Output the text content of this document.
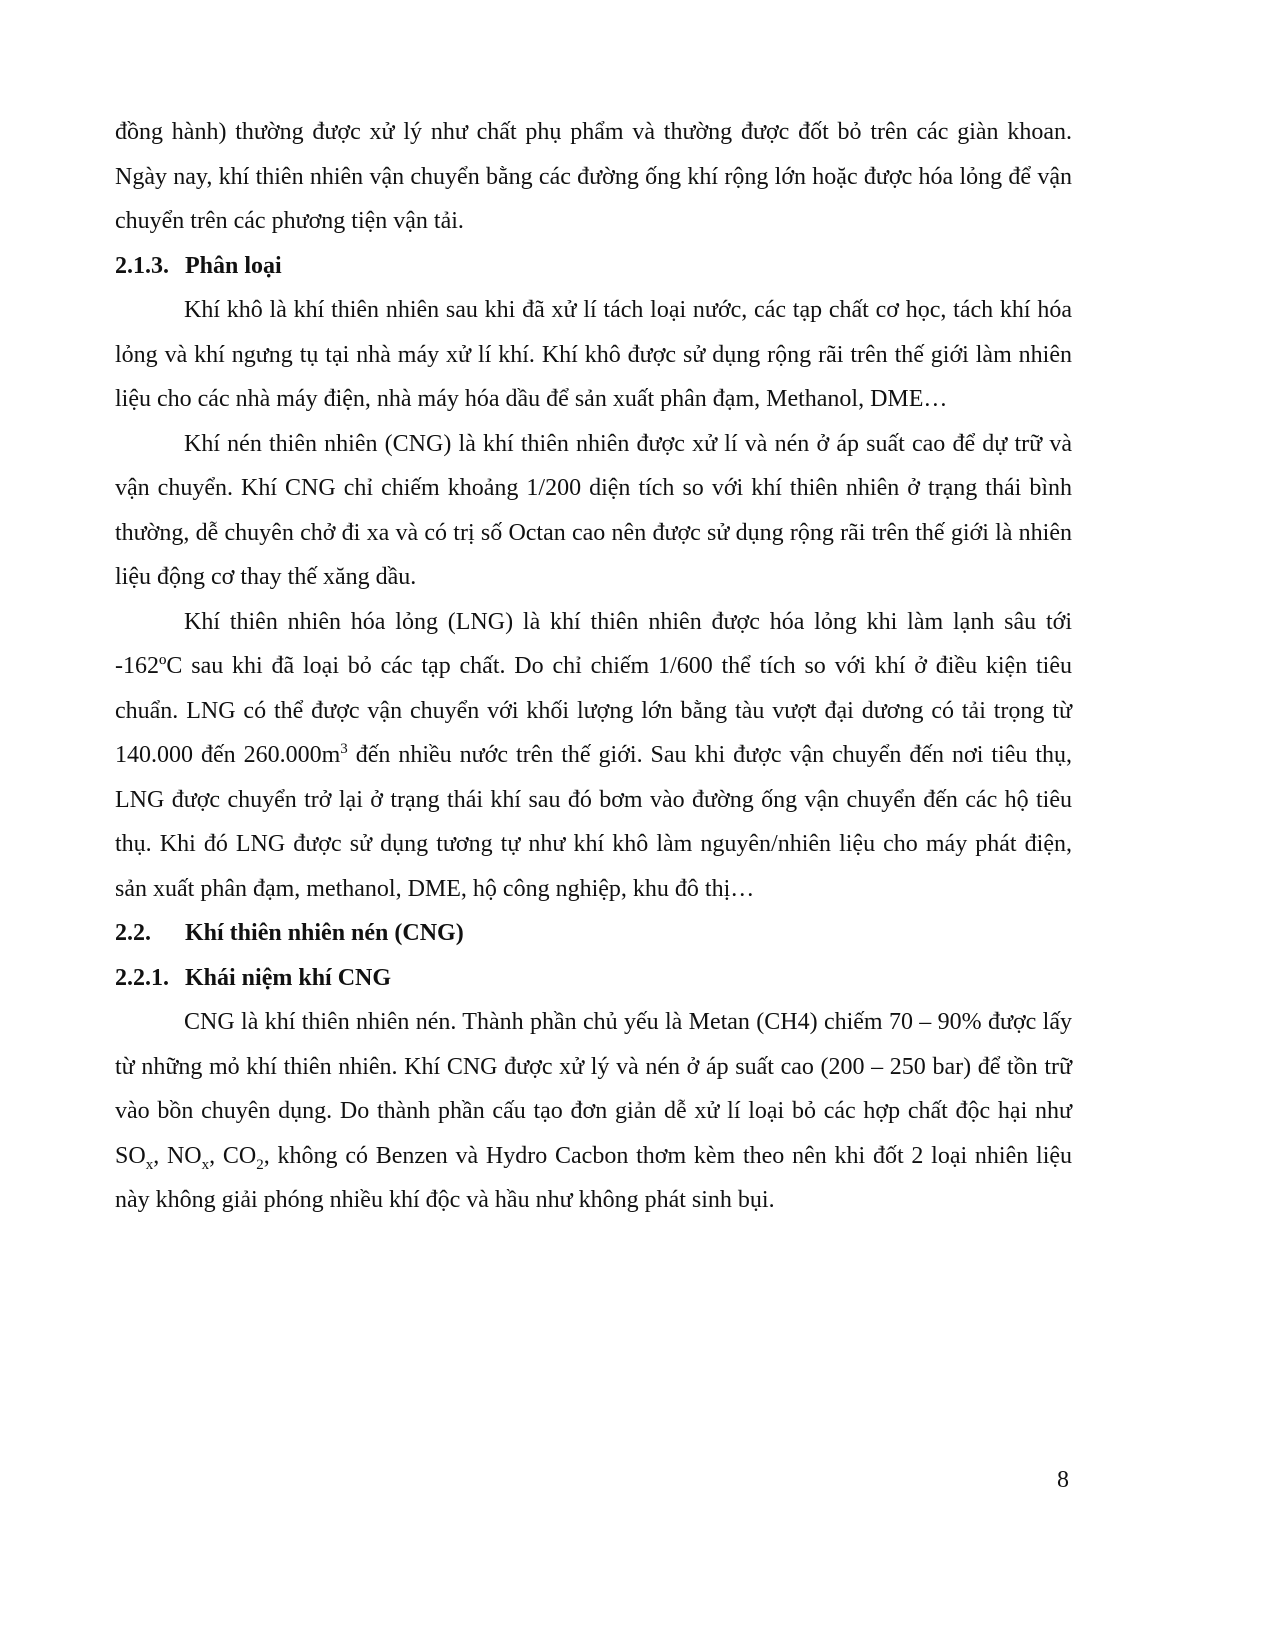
đồng hành) thường được xử lý như chất phụ phẩm và thường được đốt bỏ trên các giàn khoan. Ngày nay, khí thiên nhiên vận chuyển bằng các đường ống khí rộng lớn hoặc được hóa lỏng để vận chuyển trên các phương tiện vận tải.

2.1.3. Phân loại

Khí khô là khí thiên nhiên sau khi đã xử lí tách loại nước, các tạp chất cơ học, tách khí hóa lỏng và khí ngưng tụ tại nhà máy xử lí khí. Khí khô được sử dụng rộng rãi trên thế giới làm nhiên liệu cho các nhà máy điện, nhà máy hóa dầu để sản xuất phân đạm, Methanol, DME…

Khí nén thiên nhiên (CNG) là khí thiên nhiên được xử lí và nén ở áp suất cao để dự trữ và vận chuyển. Khí CNG chỉ chiếm khoảng 1/200 diện tích so với khí thiên nhiên ở trạng thái bình thường, dễ chuyên chở đi xa và có trị số Octan cao nên được sử dụng rộng rãi trên thế giới là nhiên liệu động cơ thay thế xăng dầu.

Khí thiên nhiên hóa lỏng (LNG) là khí thiên nhiên được hóa lỏng khi làm lạnh sâu tới -162ºC sau khi đã loại bỏ các tạp chất. Do chỉ chiếm 1/600 thể tích so với khí ở điều kiện tiêu chuẩn. LNG có thể được vận chuyển với khối lượng lớn bằng tàu vượt đại dương có tải trọng từ 140.000 đến $260.000m^3$ đến nhiều nước trên thế giới. Sau khi được vận chuyển đến nơi tiêu thụ, LNG được chuyển trở lại ở trạng thái khí sau đó bơm vào đường ống vận chuyển đến các hộ tiêu thụ. Khi đó LNG được sử dụng tương tự như khí khô làm nguyên/nhiên liệu cho máy phát điện, sản xuất phân đạm, methanol, DME, hộ công nghiệp, khu đô thị…

2.2. Khí thiên nhiên nén (CNG)
2.2.1. Khái niệm khí CNG

CNG là khí thiên nhiên nén. Thành phần chủ yếu là Metan (CH4) chiếm 70 – 90% được lấy từ những mỏ khí thiên nhiên. Khí CNG được xử lý và nén ở áp suất cao (200 – 250 bar) để tồn trữ vào bồn chuyên dụng. Do thành phần cấu tạo đơn giản dễ xử lí loại bỏ các hợp chất độc hại như $SO_x$, $NO_x$, $CO_2$, không có Benzen và Hydro Cacbon thơm kèm theo nên khi đốt 2 loại nhiên liệu này không giải phóng nhiều khí độc và hầu như không phát sinh bụi.

8
